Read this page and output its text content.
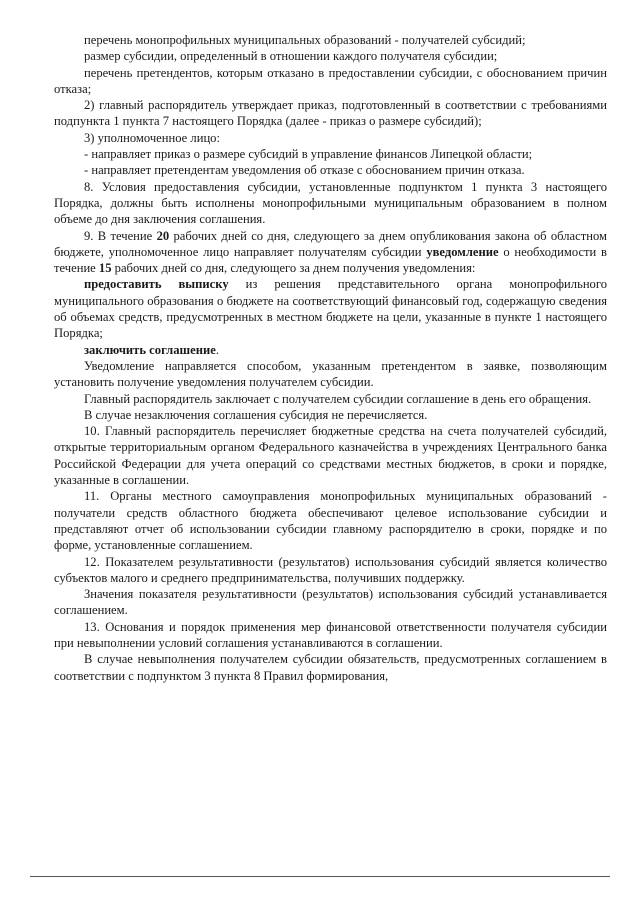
перечень монопрофильных муниципальных образований - получателей субсидий;

размер субсидии, определенный в отношении каждого получателя субсидии;

перечень претендентов, которым отказано в предоставлении субсидии, с обоснованием причин отказа;

2) главный распорядитель утверждает приказ, подготовленный в соответствии с требованиями подпункта 1 пункта 7 настоящего Порядка (далее - приказ о размере субсидий);

3) уполномоченное лицо:

- направляет приказ о размере субсидий в управление финансов Липецкой области;

- направляет претендентам уведомления об отказе с обоснованием причин отказа.

8. Условия предоставления субсидии, установленные подпунктом 1 пункта 3 настоящего Порядка, должны быть исполнены монопрофильными муниципальным образованием в полном объеме до дня заключения соглашения.

9. В течение 20 рабочих дней со дня, следующего за днем опубликования закона об областном бюджете, уполномоченное лицо направляет получателям субсидии уведомление о необходимости в течение 15 рабочих дней со дня, следующего за днем получения уведомления:

предоставить выписку из решения представительного органа монопрофильного муниципального образования о бюджете на соответствующий финансовый год, содержащую сведения об объемах средств, предусмотренных в местном бюджете на цели, указанные в пункте 1 настоящего Порядка;

заключить соглашение.

Уведомление направляется способом, указанным претендентом в заявке, позволяющим установить получение уведомления получателем субсидии.

Главный распорядитель заключает с получателем субсидии соглашение в день его обращения.

В случае незаключения соглашения субсидия не перечисляется.

10. Главный распорядитель перечисляет бюджетные средства на счета получателей субсидий, открытые территориальным органом Федерального казначейства в учреждениях Центрального банка Российской Федерации для учета операций со средствами местных бюджетов, в сроки и порядке, указанные в соглашении.

11. Органы местного самоуправления монопрофильных муниципальных образований - получатели средств областного бюджета обеспечивают целевое использование субсидии и представляют отчет об использовании субсидии главному распорядителю в сроки, порядке и по форме, установленные соглашением.

12. Показателем результативности (результатов) использования субсидий является количество субъектов малого и среднего предпринимательства, получивших поддержку.

Значения показателя результативности (результатов) использования субсидий устанавливается соглашением.

13. Основания и порядок применения мер финансовой ответственности получателя субсидии при невыполнении условий соглашения устанавливаются в соглашении.

В случае невыполнения получателем субсидии обязательств, предусмотренных соглашением в соответствии с подпунктом 3 пункта 8 Правил формирования,
